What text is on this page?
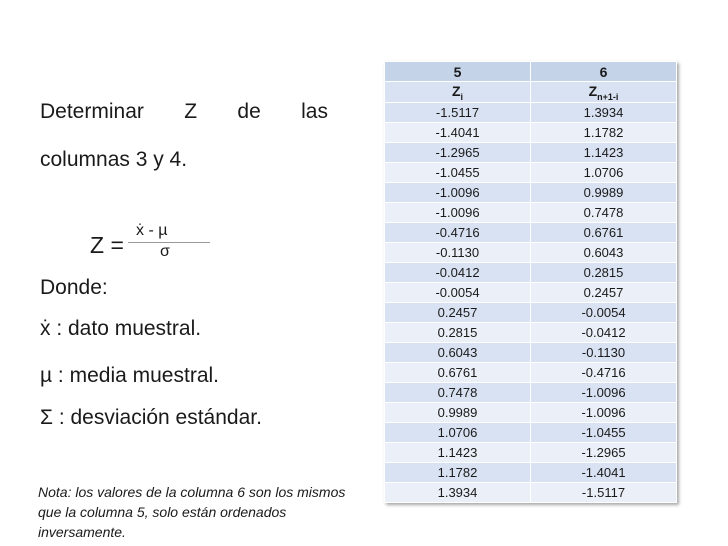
Determinar Z de las
columnas 3 y 4.
Z =
ẋ - µ
σ
Donde:
ẋ : dato muestral.
µ : media muestral.
Σ : desviación estándar.
Nota: los valores de la columna 6 son los mismos que la columna 5, solo están ordenados inversamente.
5	6
$Z_i$	$Z_{n+1-i}$
-1.5117	1.3934
-1.4041	1.1782
-1.2965	1.1423
-1.0455	1.0706
-1.0096	0.9989
-1.0096	0.7478
-0.4716	0.6761
-0.1130	0.6043
-0.0412	0.2815
-0.0054	0.2457
0.2457	-0.0054
0.2815	-0.0412
0.6043	-0.1130
0.6761	-0.4716
0.7478	-1.0096
0.9989	-1.0096
1.0706	-1.0455
1.1423	-1.2965
1.1782	-1.4041
1.3934	-1.5117
